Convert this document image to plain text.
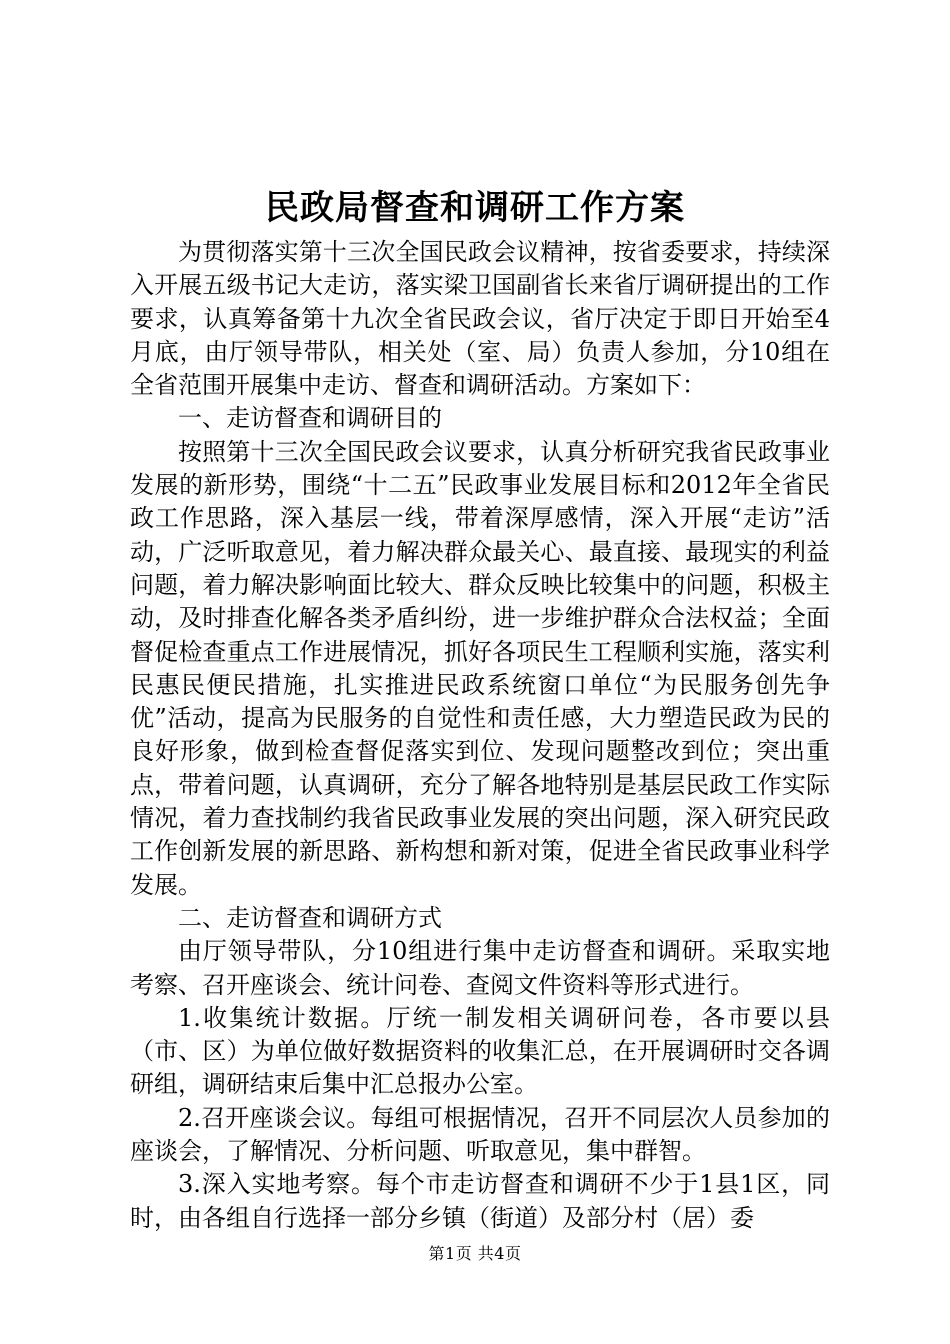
民政局督查和调研工作方案

为贯彻落实第十三次全国民政会议精神，按省委要求，持续深入开展五级书记大走访，落实梁卫国副省长来省厅调研提出的工作要求，认真筹备第十九次全省民政会议，省厅决定于即日开始至4月底，由厅领导带队，相关处（室、局）负责人参加，分10组在全省范围开展集中走访、督查和调研活动。方案如下：

一、走访督查和调研目的

按照第十三次全国民政会议要求，认真分析研究我省民政事业发展的新形势，围绕“十二五”民政事业发展目标和2012年全省民政工作思路，深入基层一线，带着深厚感情，深入开展“走访”活动，广泛听取意见，着力解决群众最关心、最直接、最现实的利益问题，着力解决影响面比较大、群众反映比较集中的问题，积极主动，及时排查化解各类矛盾纠纷，进一步维护群众合法权益；全面督促检查重点工作进展情况，抓好各项民生工程顺利实施，落实利民惠民便民措施，扎实推进民政系统窗口单位“为民服务创先争优”活动，提高为民服务的自觉性和责任感，大力塑造民政为民的良好形象，做到检查督促落实到位、发现问题整改到位；突出重点，带着问题，认真调研，充分了解各地特别是基层民政工作实际情况，着力查找制约我省民政事业发展的突出问题，深入研究民政工作创新发展的新思路、新构想和新对策，促进全省民政事业科学发展。

二、走访督查和调研方式

由厅领导带队，分10组进行集中走访督查和调研。采取实地考察、召开座谈会、统计问卷、查阅文件资料等形式进行。

1.收集统计数据。厅统一制发相关调研问卷，各市要以县（市、区）为单位做好数据资料的收集汇总，在开展调研时交各调研组，调研结束后集中汇总报办公室。

2.召开座谈会议。每组可根据情况，召开不同层次人员参加的座谈会，了解情况、分析问题、听取意见，集中群智。

3.深入实地考察。每个市走访督查和调研不少于1县1区，同时，由各组自行选择一部分乡镇（街道）及部分村（居）委

第1页 共4页
